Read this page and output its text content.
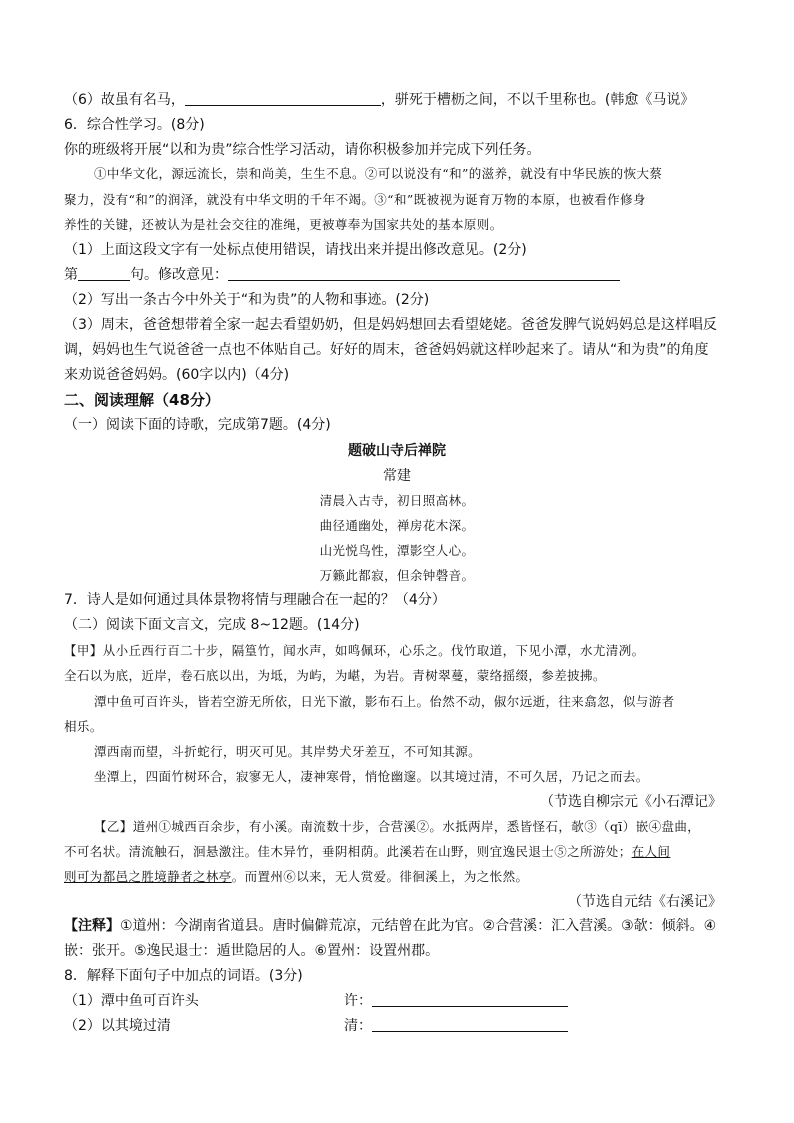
（6）故虽有名马，	，骈死于槽枥之间，不以千里称也。(韩愈《马说》
6．综合性学习。(8分)
你的班级将开展“以和为贵”综合性学习活动，请你积极参加并完成下列任务。
①中华文化，源远流长，崇和尚美，生生不息。②可以说没有“和”的滋养，就没有中华民族的恢大蔡
聚力，没有“和”的润泽，就没有中华文明的千年不竭。③“和”既被视为诞育万物的本原，也被看作修身
养性的关键，还被认为是社会交往的准绳，更被尊奉为国家共处的基本原则。
（1）上面这段文字有一处标点使用错误，请找出来并提出修改意见。(2分)
第	句。修改意见：
（2）写出一条古今中外关于“和为贵”的人物和事迹。(2分)
（3）周末，爸爸想带着全家一起去看望奶奶，但是妈妈想回去看望姥姥。爸爸发脾气说妈妈总是这样唱反
调，妈妈也生气说爸爸一点也不体贴自己。好好的周末，爸爸妈妈就这样吵起来了。请从“和为贵”的角度
来劝说爸爸妈妈。(60字以内)（4分)
二、阅读理解（48分）
（一）阅读下面的诗歌，完成第7题。(4分)
题破山寺后禅院
常建
清晨入古寺，初日照高林。
曲径通幽处，禅房花木深。
山光悦鸟性，潭影空人心。
万籁此都寂，但余钟磬音。
7．诗人是如何通过具体景物将情与理融合在一起的？（4分）
（二）阅读下面文言文，完成 8~12题。(14分)
【甲】从小丘西行百二十步，隔篁竹，闻水声，如鸣佩环，心乐之。伐竹取道，下见小潭，水尤清冽。
全石以为底，近岸，卷石底以出，为坻，为屿，为嵁，为岩。青树翠蔓，蒙络摇缀，参差披拂。
潭中鱼可百许头，皆若空游无所依，日光下澈，影布石上。佁然不动，俶尔远逝，往来翕忽，似与游者
相乐。
潭西南而望，斗折蛇行，明灭可见。其岸势犬牙差互，不可知其源。
坐潭上，四面竹树环合，寂寥无人，凄神寒骨，悄怆幽邃。以其境过清，不可久居，乃记之而去。
（节选自柳宗元《小石潭记》
【乙】道州①城西百余步，有小溪。南流数十步，合营溪②。水抵两岸，悉皆怪石，欹③（qī）嵌④盘曲，
不可名状。清流触石，洄悬激注。佳木异竹，垂阴相荫。此溪若在山野，则宜逸民退士⑤之所游处；在人间
则可为都邑之胜境静者之林亭。而置州⑥以来，无人赏爱。徘徊溪上，为之怅然。
（节选自元结《右溪记》
【注释】①道州：今湖南省道县。唐时偏僻荒凉，元结曾在此为官。②合营溪：汇入营溪。③欹：倾斜。④
嵌：张开。⑤逸民退士：遁世隐居的人。⑥置州：设置州郡。
8．解释下面句子中加点的词语。(3分)
（1）潭中鱼可百许头	许：
（2）以其境过清	清：
